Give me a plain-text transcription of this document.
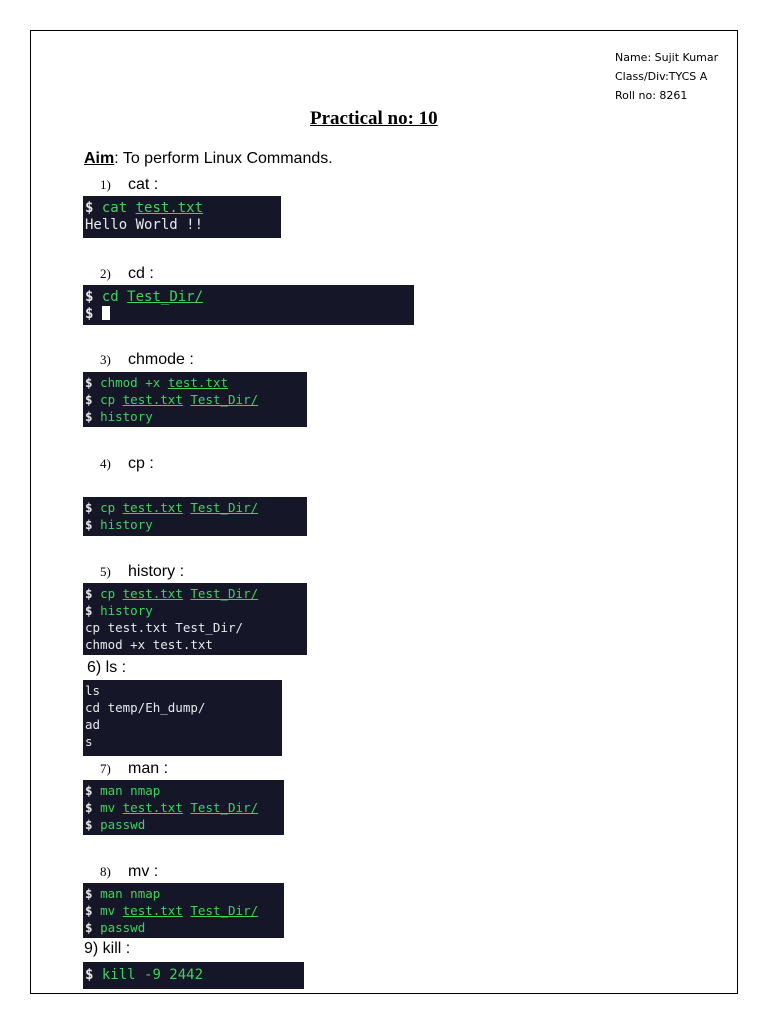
Name: Sujit Kumar
Class/Div:TYCS A
Roll no: 8261
Practical no: 10
Aim: To perform Linux Commands.
1) cat :
$ cat test.txt
Hello World !!
2) cd :
$ cd Test_Dir/
$
3) chmode :
$ chmod +x test.txt
$ cp test.txt Test_Dir/
$ history
4) cp :
$ cp test.txt Test_Dir/
$ history
5) history :
$ cp test.txt Test_Dir/
$ history
cp test.txt Test_Dir/
chmod +x test.txt
6) ls :
ls
cd temp/Eh_dump/
ad
s
7) man :
$ man nmap
$ mv test.txt Test_Dir/
$ passwd
8) mv :
$ man nmap
$ mv test.txt Test_Dir/
$ passwd
9) kill :
$ kill -9 2442
